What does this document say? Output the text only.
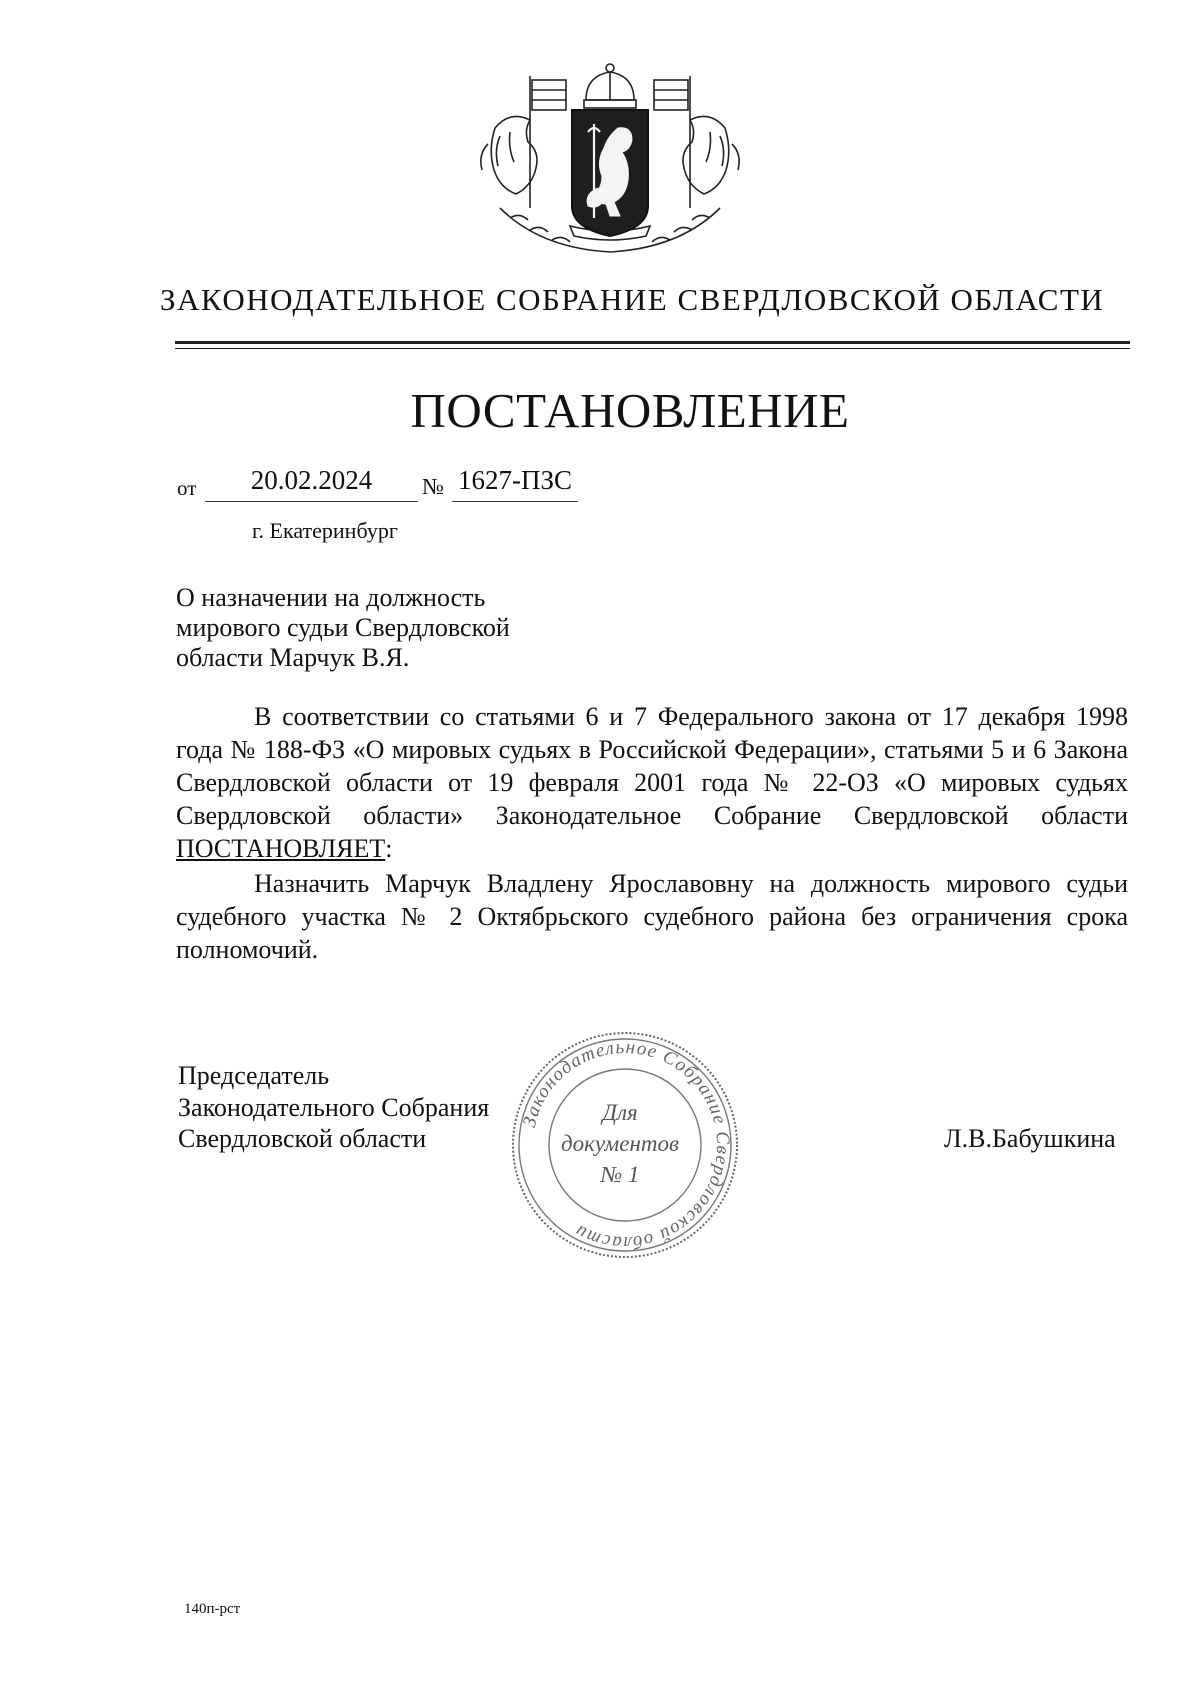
ЗАКОНОДАТЕЛЬНОЕ СОБРАНИЕ СВЕРДЛОВСКОЙ ОБЛАСТИ
ПОСТАНОВЛЕНИЕ
от	20.02.2024	№ 1627-ПЗС
г. Екатеринбург
О назначении на должность
мирового судьи Свердловской
области Марчук В.Я.

В соответствии со статьями 6 и 7 Федерального закона от 17 декабря 1998 года № 188-ФЗ «О мировых судьях в Российской Федерации», статьями 5 и 6 Закона Свердловской области от 19 февраля 2001 года № 22-ОЗ «О мировых судьях Свердловской области» Законодательное Собрание Свердловской области ПОСТАНОВЛЯЕТ:

Назначить Марчук Владлену Ярославовну на должность мирового судьи судебного участка № 2 Октябрьского судебного района без ограничения срока полномочий.

Председатель
Законодательного Собрания
Свердловской области
Законодательное Собрание Свердловской области
Для
документов
№ 1
Л.В.Бабушкина
140п-рст
